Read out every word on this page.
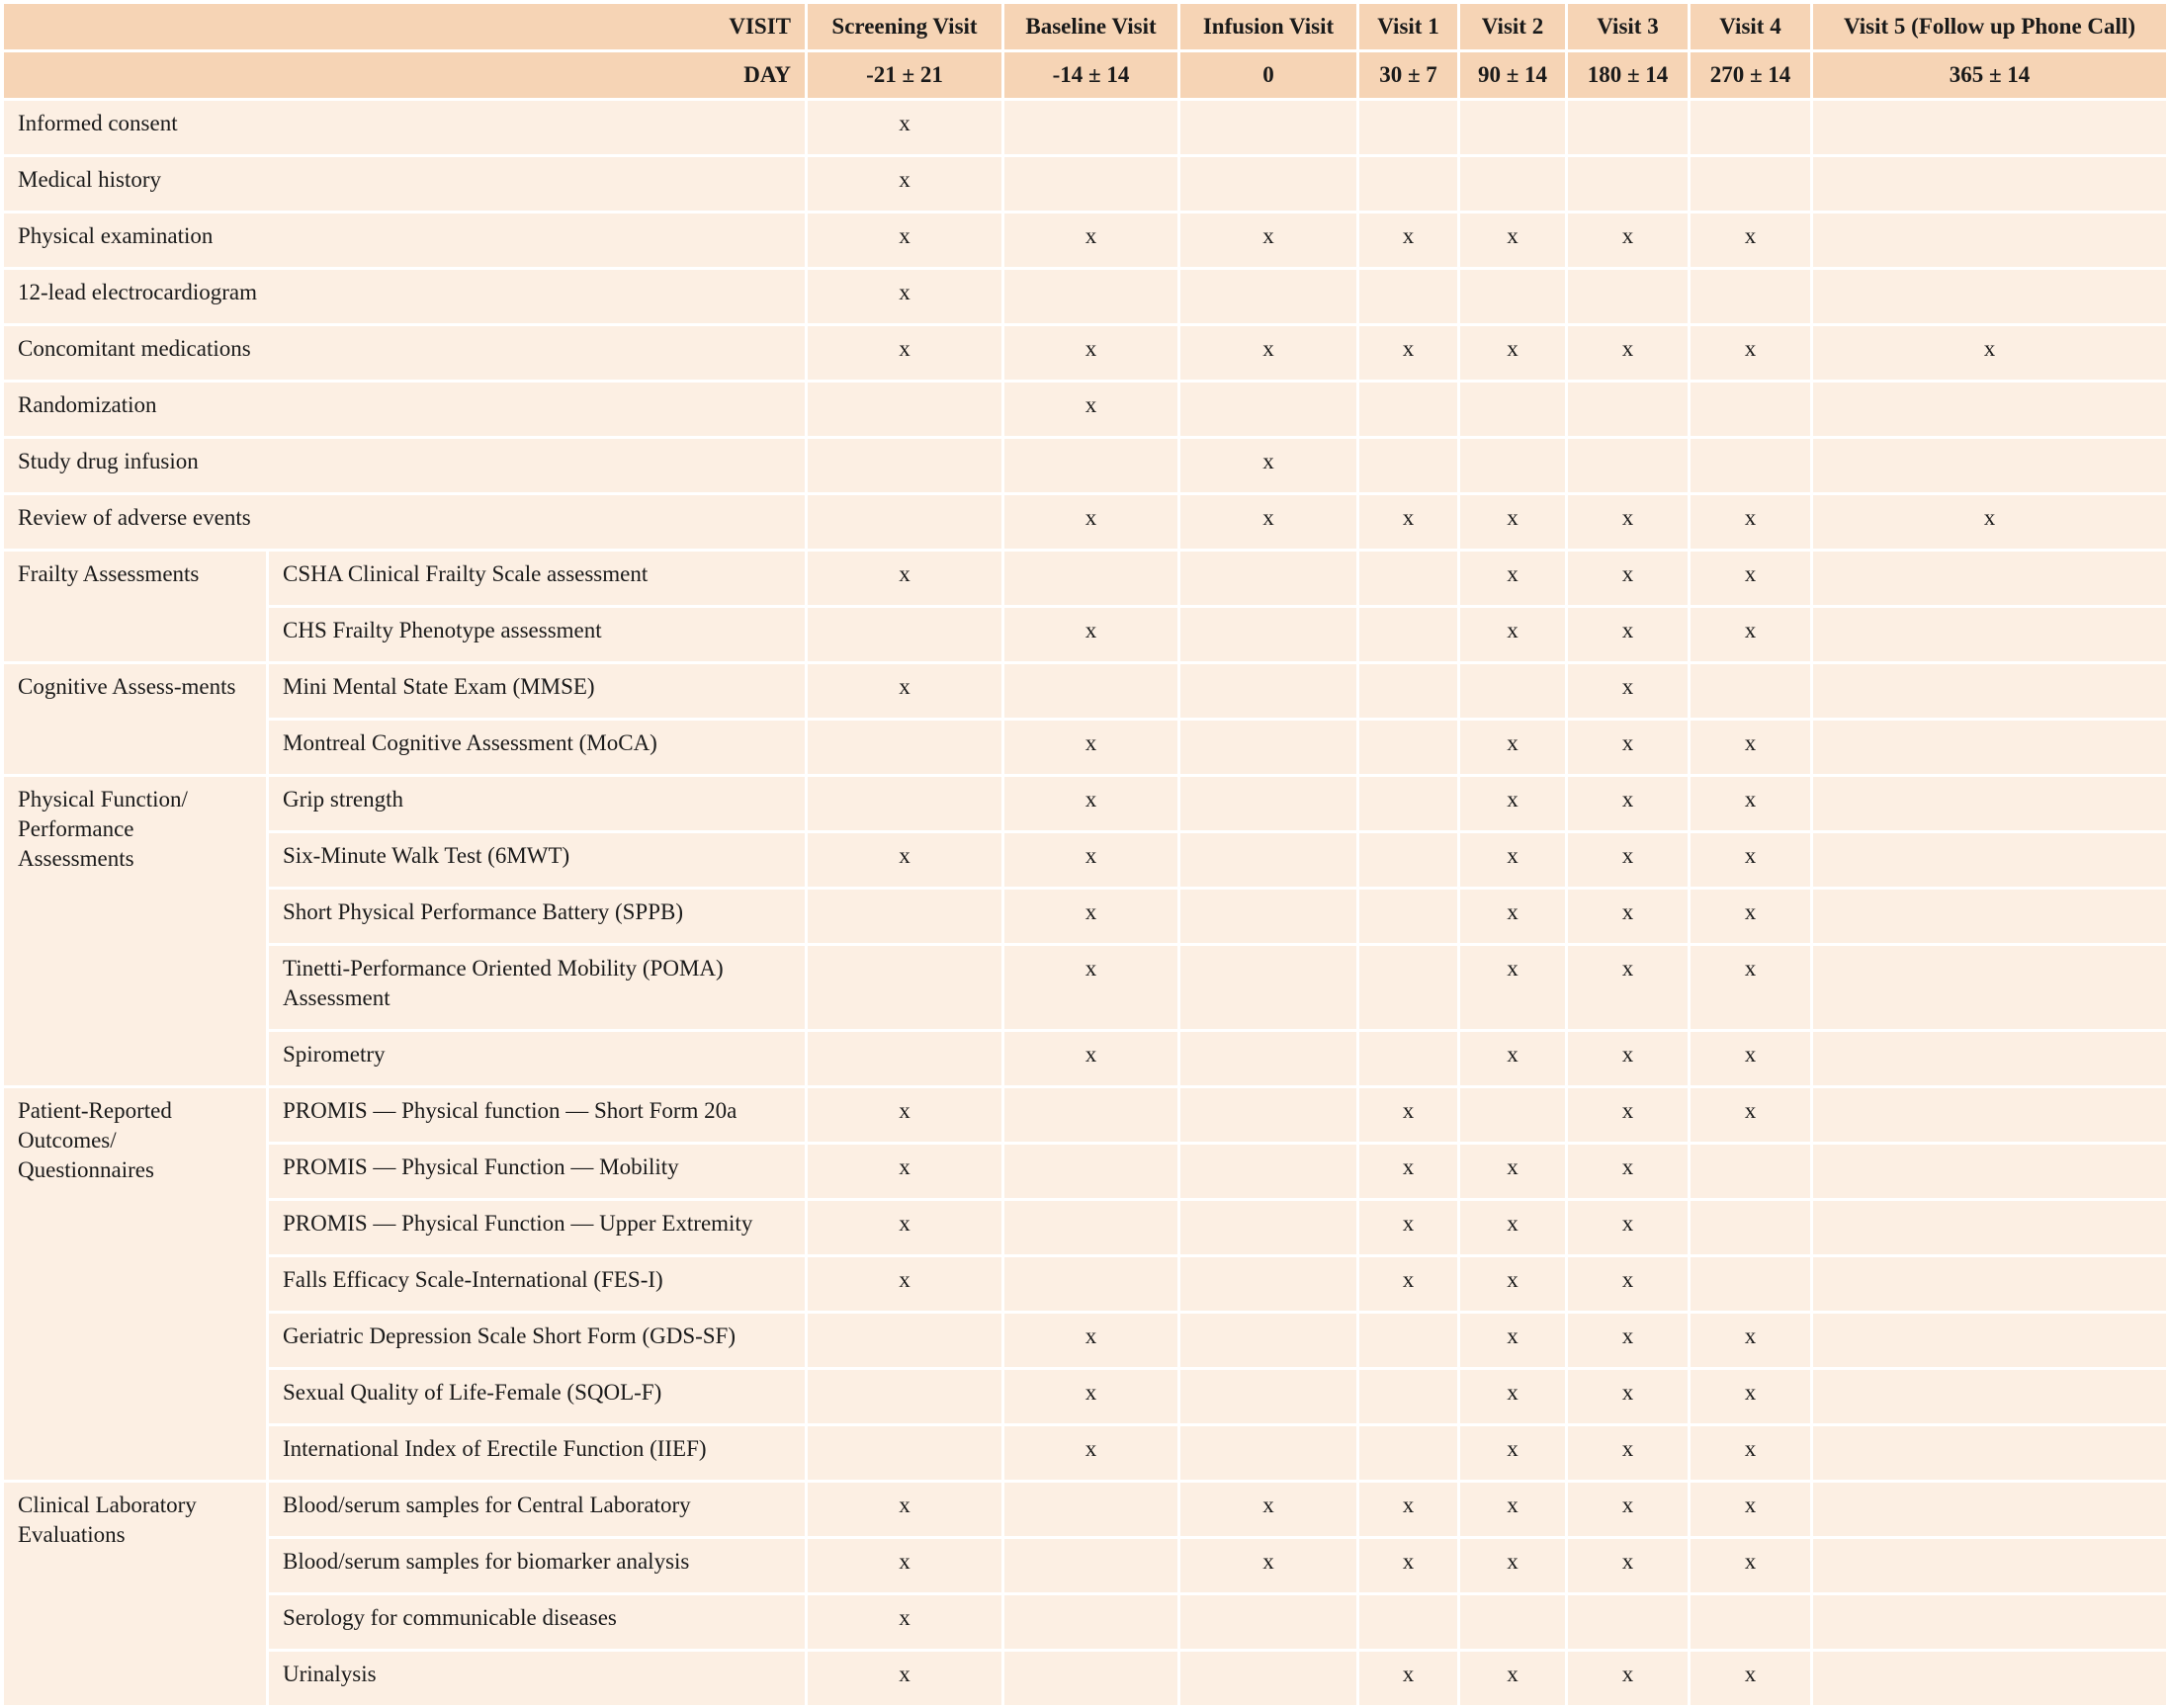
VISIT		Screening Visit	Baseline Visit	Infusion Visit	Visit 1	Visit 2	Visit 3	Visit 4	Visit 5 (Follow up Phone Call)
DAY		-21 ± 21	-14 ± 14	0	30 ± 7	90 ± 14	180 ± 14	270 ± 14	365 ± 14
Informed consent		x							
Medical history		x							
Physical examination		x	x	x	x	x	x	x	
12-lead electrocardiogram		x							
Concomitant medications		x	x	x	x	x	x	x	x
Randomization			x						
Study drug infusion				x					
Review of adverse events			x	x	x	x	x	x	x
Frailty Assessments	CSHA Clinical Frailty Scale assessment	x				x	x	x	
	CHS Frailty Phenotype assessment		x			x	x	x	
Cognitive Assess-ments	Mini Mental State Exam (MMSE)	x					x		
	Montreal Cognitive Assessment (MoCA)		x			x	x	x	
Physical Function/ Performance Assessments	Grip strength		x			x	x	x	
	Six-Minute Walk Test (6MWT)	x	x			x	x	x	
	Short Physical Performance Battery (SPPB)		x			x	x	x	
	Tinetti-Performance Oriented Mobility (POMA) Assessment		x			x	x	x	
	Spirometry		x			x	x	x	
Patient-Reported Outcomes/ Questionnaires	PROMIS — Physical function — Short Form 20a	x			x		x	x	
	PROMIS — Physical Function — Mobility	x			x	x	x		
	PROMIS — Physical Function — Upper Extremity	x			x	x	x		
	Falls Efficacy Scale-International (FES-I)	x			x	x	x		
	Geriatric Depression Scale Short Form (GDS-SF)		x			x	x	x	
	Sexual Quality of Life-Female (SQOL-F)		x			x	x	x	
	International Index of Erectile Function (IIEF)		x			x	x	x	
Clinical Laboratory Evaluations	Blood/serum samples for Central Laboratory	x		x	x	x	x	x	
	Blood/serum samples for biomarker analysis	x		x	x	x	x	x	
	Serology for communicable diseases	x							
	Urinalysis	x			x	x	x	x	
